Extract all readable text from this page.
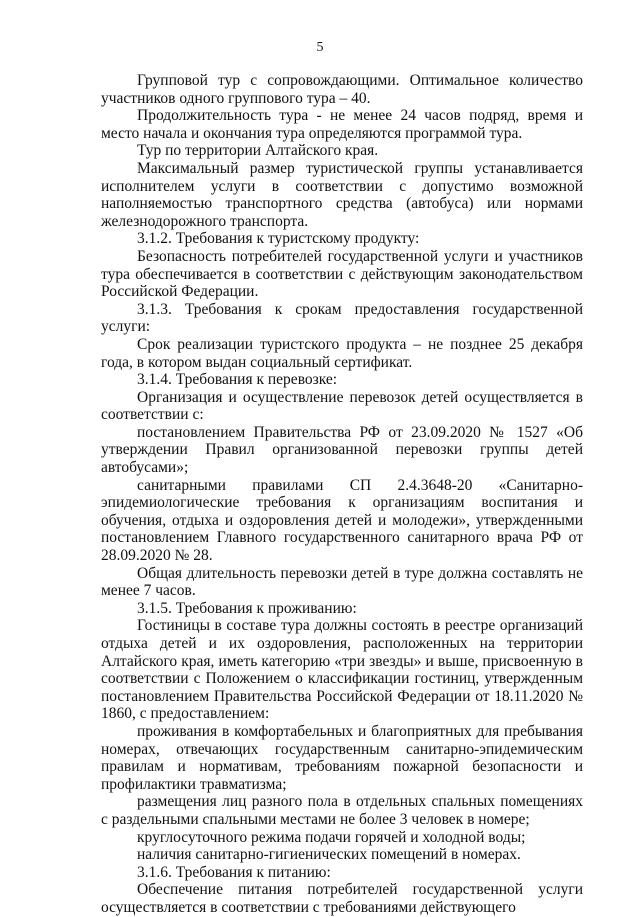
5

Групповой тур с сопровождающими. Оптимальное количество участников одного группового тура – 40.

Продолжительность тура - не менее 24 часов подряд, время и место начала и окончания тура определяются программой тура.

Тур по территории Алтайского края.

Максимальный размер туристической группы устанавливается исполнителем услуги в соответствии с допустимо возможной наполняемостью транспортного средства (автобуса) или нормами железнодорожного транспорта.

3.1.2. Требования к туристскому продукту:

Безопасность потребителей государственной услуги и участников тура обеспечивается в соответствии с действующим законодательством Российской Федерации.

3.1.3. Требования к срокам предоставления государственной услуги:

Срок реализации туристского продукта – не позднее 25 декабря года, в котором выдан социальный сертификат.

3.1.4. Требования к перевозке:

Организация и осуществление перевозок детей осуществляется в соответствии с:

постановлением Правительства РФ от 23.09.2020 № 1527 «Об утверждении Правил организованной перевозки группы детей автобусами»;

санитарными правилами СП 2.4.3648-20 «Санитарно-эпидемиологические требования к организациям воспитания и обучения, отдыха и оздоровления детей и молодежи», утвержденными постановлением Главного государственного санитарного врача РФ от 28.09.2020 № 28.

Общая длительность перевозки детей в туре должна составлять не менее 7 часов.

3.1.5. Требования к проживанию:

Гостиницы в составе тура должны состоять в реестре организаций отдыха детей и их оздоровления, расположенных на территории Алтайского края, иметь категорию «три звезды» и выше, присвоенную в соответствии с Положением о классификации гостиниц, утвержденным постановлением Правительства Российской Федерации от 18.11.2020 № 1860, с предоставлением:

проживания в комфортабельных и благоприятных для пребывания номерах, отвечающих государственным санитарно-эпидемическим правилам и нормативам, требованиям пожарной безопасности и профилактики травматизма;

размещения лиц разного пола в отдельных спальных помещениях с раздельными спальными местами не более 3 человек в номере;

круглосуточного режима подачи горячей и холодной воды;

наличия санитарно-гигиенических помещений в номерах.

3.1.6. Требования к питанию:

Обеспечение питания потребителей государственной услуги осуществляется в соответствии с требованиями действующего
